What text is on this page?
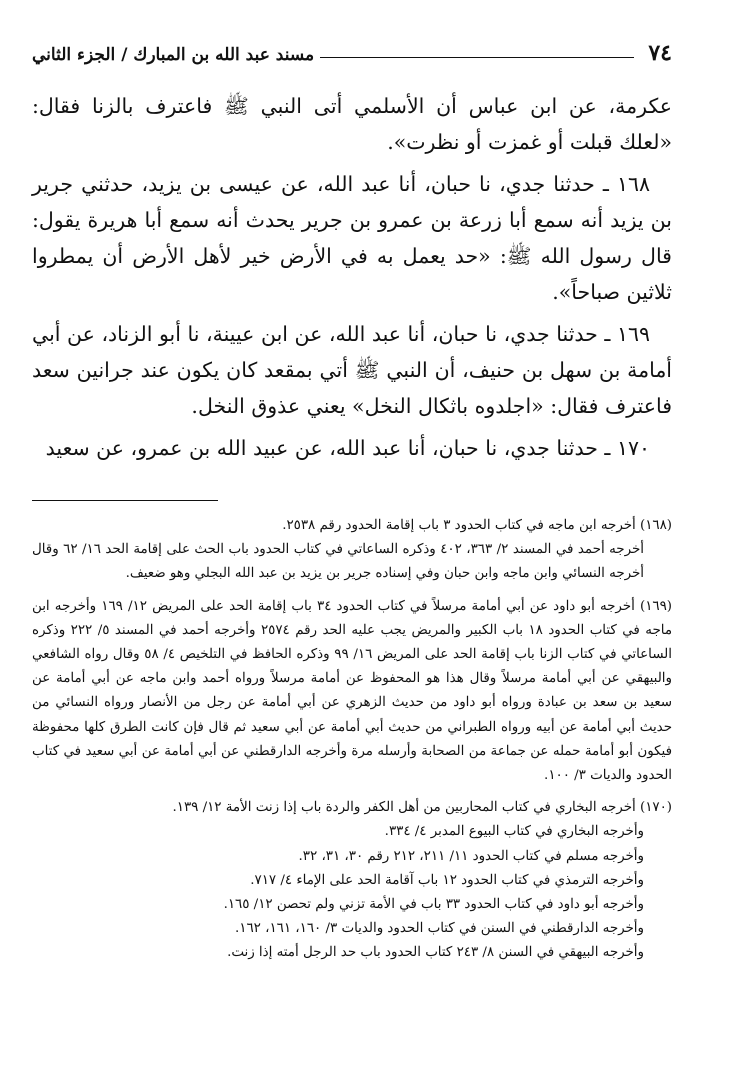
٧٤
مسند عبد الله بن المبارك / الجزء الثاني

عكرمة، عن ابن عباس أن الأسلمي أتى النبي ﷺ فاعترف بالزنا فقال: «لعلك قبلت أو غمزت أو نظرت».

١٦٨ ـ حدثنا جدي، نا حبان، أنا عبد الله، عن عيسى بن يزيد، حدثني جرير بن يزيد أنه سمع أبا زرعة بن عمرو بن جرير يحدث أنه سمع أبا هريرة يقول: قال رسول الله ﷺ: «حد يعمل به في الأرض خير لأهل الأرض أن يمطروا ثلاثين صباحاً».

١٦٩ ـ حدثنا جدي، نا حبان، أنا عبد الله، عن ابن عيينة، نا أبو الزناد، عن أبي أمامة بن سهل بن حنيف، أن النبي ﷺ أتي بمقعد كان يكون عند جرانين سعد فاعترف فقال: «اجلدوه باثكال النخل» يعني عذوق النخل.

١٧٠ ـ حدثنا جدي، نا حبان، أنا عبد الله، عن عبيد الله بن عمرو، عن سعيد

(١٦٨) أخرجه ابن ماجه في كتاب الحدود ٣ باب إقامة الحدود رقم ٢٥٣٨.
أخرجه أحمد في المسند ٢/ ٣٦٣، ٤٠٢ وذكره الساعاتي في كتاب الحدود باب الحث على إقامة الحد ١٦/ ٦٢ وقال أخرجه النسائي وابن ماجه وابن حبان وفي إسناده جرير بن يزيد بن عبد الله البجلي وهو ضعيف.
(١٦٩) أخرجه أبو داود عن أبي أمامة مرسلاً في كتاب الحدود ٣٤ باب إقامة الحد على المريض ١٢/ ١٦٩ وأخرجه ابن ماجه في كتاب الحدود ١٨ باب الكبير والمريض يجب عليه الحد رقم ٢٥٧٤ وأخرجه أحمد في المسند ٥/ ٢٢٢ وذكره الساعاتي في كتاب الزنا باب إقامة الحد على المريض ١٦/ ٩٩ وذكره الحافظ في التلخيص ٤/ ٥٨ وقال رواه الشافعي والبيهقي عن أبي أمامة مرسلاً وقال هذا هو المحفوظ عن أمامة مرسلاً ورواه أحمد وابن ماجه عن أبي أمامة عن سعيد بن سعد بن عبادة ورواه أبو داود من حديث الزهري عن أبي أمامة عن رجل من الأنصار ورواه النسائي من حديث أبي أمامة عن أبيه ورواه الطبراني من حديث أبي أمامة عن أبي سعيد ثم قال فإن كانت الطرق كلها محفوظة فيكون أبو أمامة حمله عن جماعة من الصحابة وأرسله مرة وأخرجه الدارقطني عن أبي أمامة عن أبي سعيد في كتاب الحدود والديات ٣/ ١٠٠.
(١٧٠) أخرجه البخاري في كتاب المحاربين من أهل الكفر والردة باب إذا زنت الأمة ١٢/ ١٣٩.
وأخرجه البخاري في كتاب البيوع المدبر ٤/ ٣٣٤.
وأخرجه مسلم في كتاب الحدود ١١/ ٢١١، ٢١٢ رقم ٣٠، ٣١، ٣٢.
وأخرجه الترمذي في كتاب الحدود ١٢ باب آقامة الحد على الإماء ٤/ ٧١٧.
وأخرجه أبو داود في كتاب الحدود ٣٣ باب في الأمة تزني ولم تحصن ١٢/ ١٦٥.
وأخرجه الدارقطني في السنن في كتاب الحدود والديات ٣/ ١٦٠، ١٦١، ١٦٢.
وأخرجه البيهقي في السنن ٨/ ٢٤٣ كتاب الحدود باب حد الرجل أمته إذا زنت.
